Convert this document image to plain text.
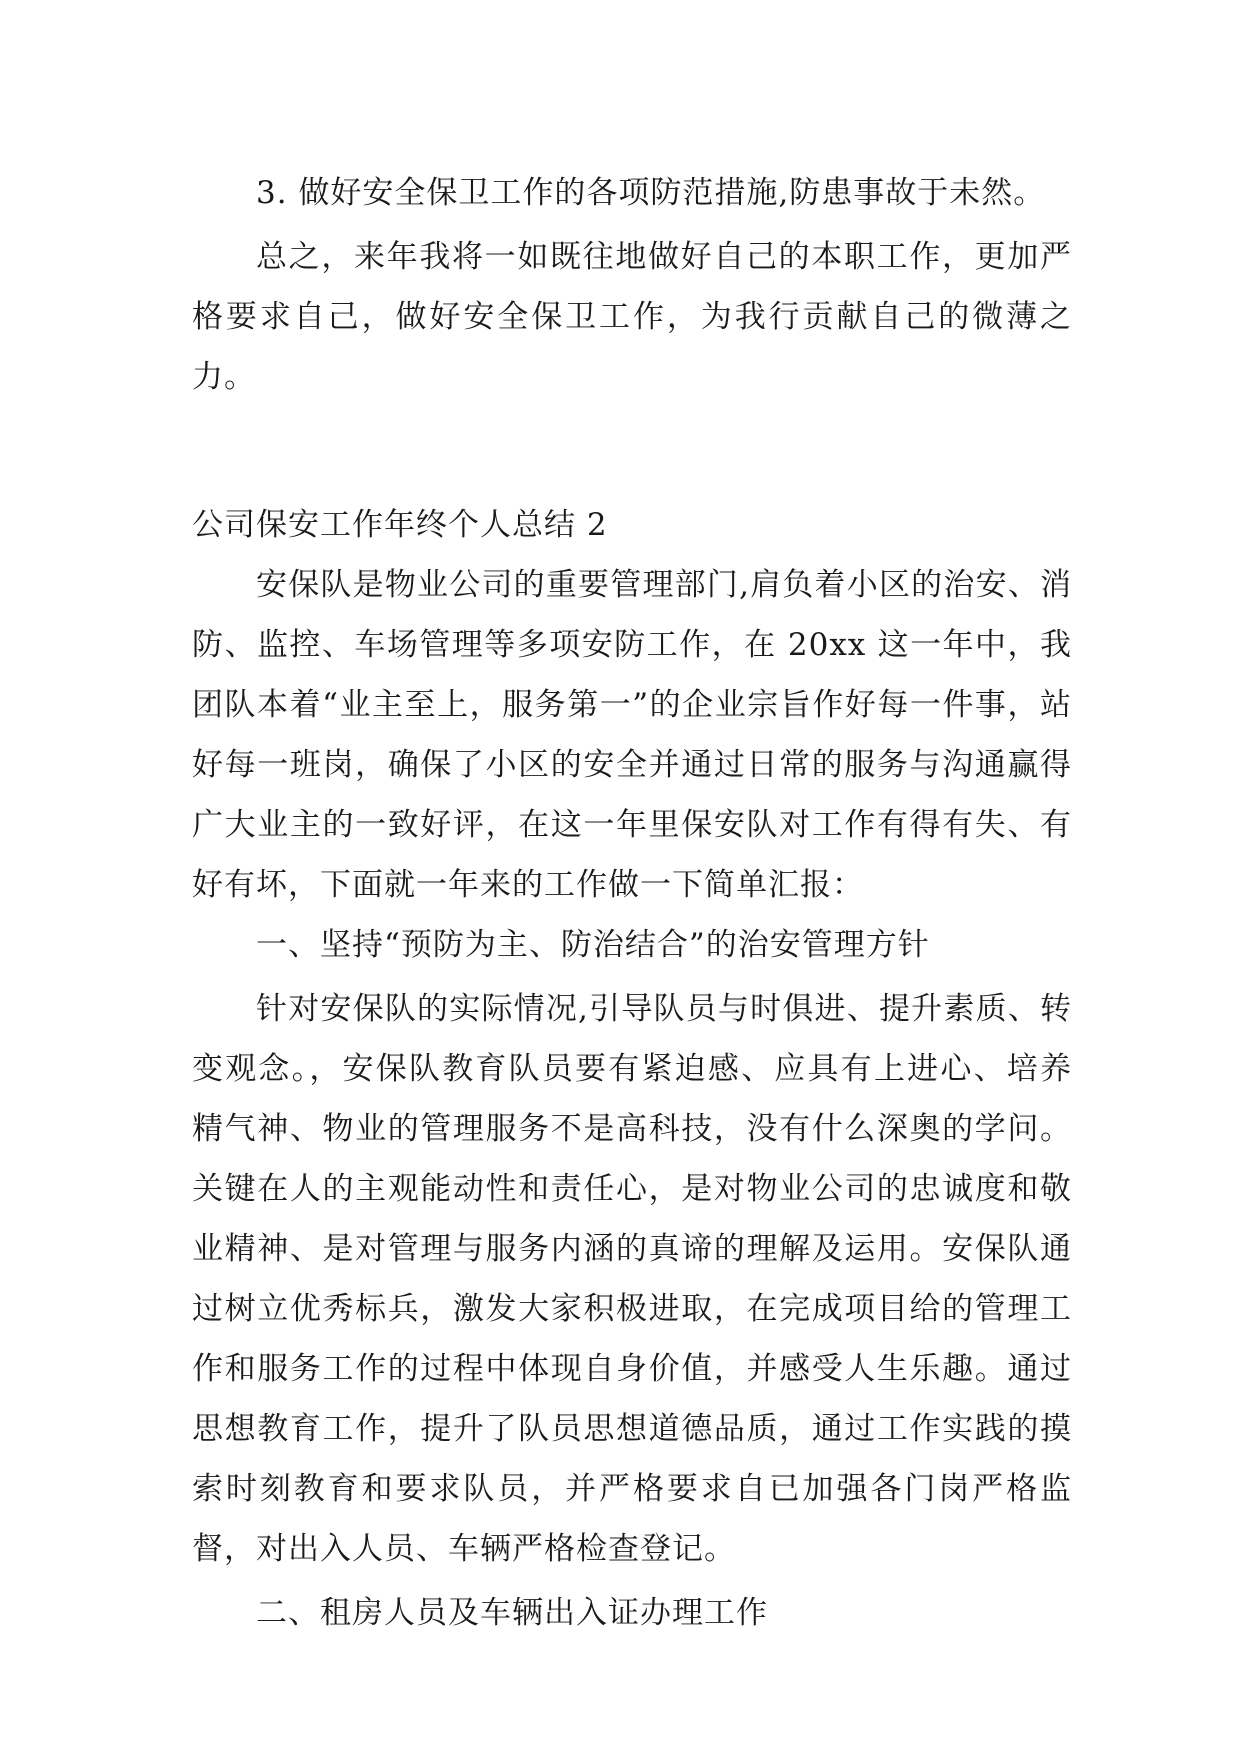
3. 做好安全保卫工作的各项防范措施,防患事故于未然。

总之，来年我将一如既往地做好自己的本职工作，更加严格要求自己，做好安全保卫工作，为我行贡献自己的微薄之力。

公司保安工作年终个人总结 2

安保队是物业公司的重要管理部门,肩负着小区的治安、消防、监控、车场管理等多项安防工作，在 20xx 这一年中，我团队本着“业主至上，服务第一”的企业宗旨作好每一件事，站好每一班岗，确保了小区的安全并通过日常的服务与沟通赢得广大业主的一致好评，在这一年里保安队对工作有得有失、有好有坏，下面就一年来的工作做一下简单汇报：

一、坚持“预防为主、防治结合”的治安管理方针

针对安保队的实际情况,引导队员与时俱进、提升素质、转变观念。，安保队教育队员要有紧迫感、应具有上进心、培养精气神、物业的管理服务不是高科技，没有什么深奥的学问。关键在人的主观能动性和责任心，是对物业公司的忠诚度和敬业精神、是对管理与服务内涵的真谛的理解及运用。安保队通过树立优秀标兵，激发大家积极进取，在完成项目给的管理工作和服务工作的过程中体现自身价值，并感受人生乐趣。通过思想教育工作，提升了队员思想道德品质，通过工作实践的摸索时刻教育和要求队员，并严格要求自已加强各门岗严格监督，对出入人员、车辆严格检查登记。

二、租房人员及车辆出入证办理工作
